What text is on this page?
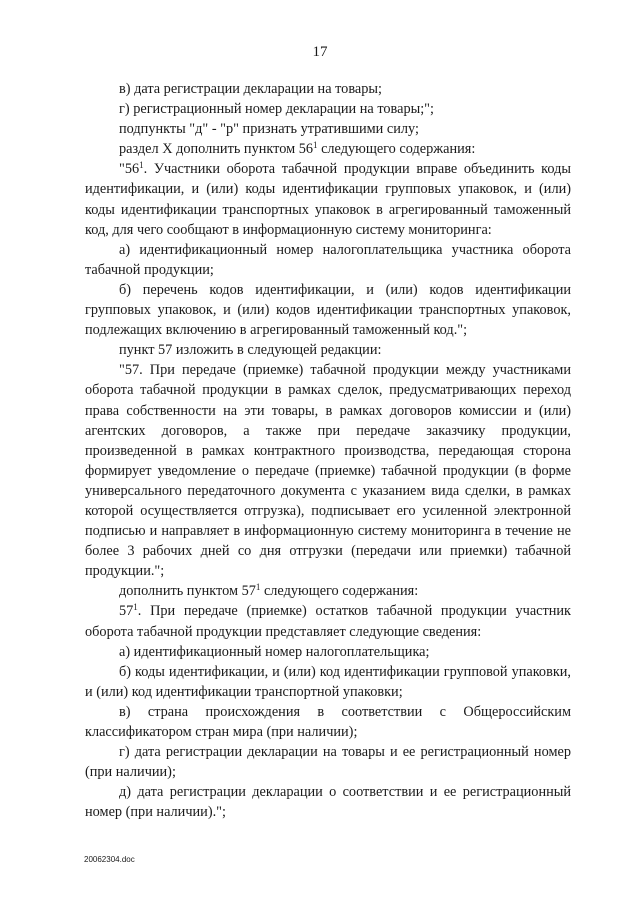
17

в) дата регистрации декларации на товары;

г) регистрационный номер декларации на товары;";

подпункты "д" - "р" признать утратившими силу;

раздел X дополнить пунктом $56^1$ следующего содержания:

"$56^1$. Участники оборота табачной продукции вправе объединить коды идентификации, и (или) коды идентификации групповых упаковок, и (или) коды идентификации транспортных упаковок в агрегированный таможенный код, для чего сообщают в информационную систему мониторинга:

а) идентификационный номер налогоплательщика участника оборота табачной продукции;

б) перечень кодов идентификации, и (или) кодов идентификации групповых упаковок, и (или) кодов идентификации транспортных упаковок, подлежащих включению в агрегированный таможенный код.";

пункт 57 изложить в следующей редакции:

"57. При передаче (приемке) табачной продукции между участниками оборота табачной продукции в рамках сделок, предусматривающих переход права собственности на эти товары, в рамках договоров комиссии и (или) агентских договоров, а также при передаче заказчику продукции, произведенной в рамках контрактного производства, передающая сторона формирует уведомление о передаче (приемке) табачной продукции (в форме универсального передаточного документа с указанием вида сделки, в рамках которой осуществляется отгрузка), подписывает его усиленной электронной подписью и направляет в информационную систему мониторинга в течение не более 3 рабочих дней со дня отгрузки (передачи или приемки) табачной продукции.";

дополнить пунктом $57^1$ следующего содержания:

$57^1$. При передаче (приемке) остатков табачной продукции участник оборота табачной продукции представляет следующие сведения:

а) идентификационный номер налогоплательщика;

б) коды идентификации, и (или) код идентификации групповой упаковки, и (или) код идентификации транспортной упаковки;

в) страна происхождения в соответствии с Общероссийским классификатором стран мира (при наличии);

г) дата регистрации декларации на товары и ее регистрационный номер (при наличии);

д) дата регистрации декларации о соответствии и ее регистрационный номер (при наличии).";

20062304.doc
